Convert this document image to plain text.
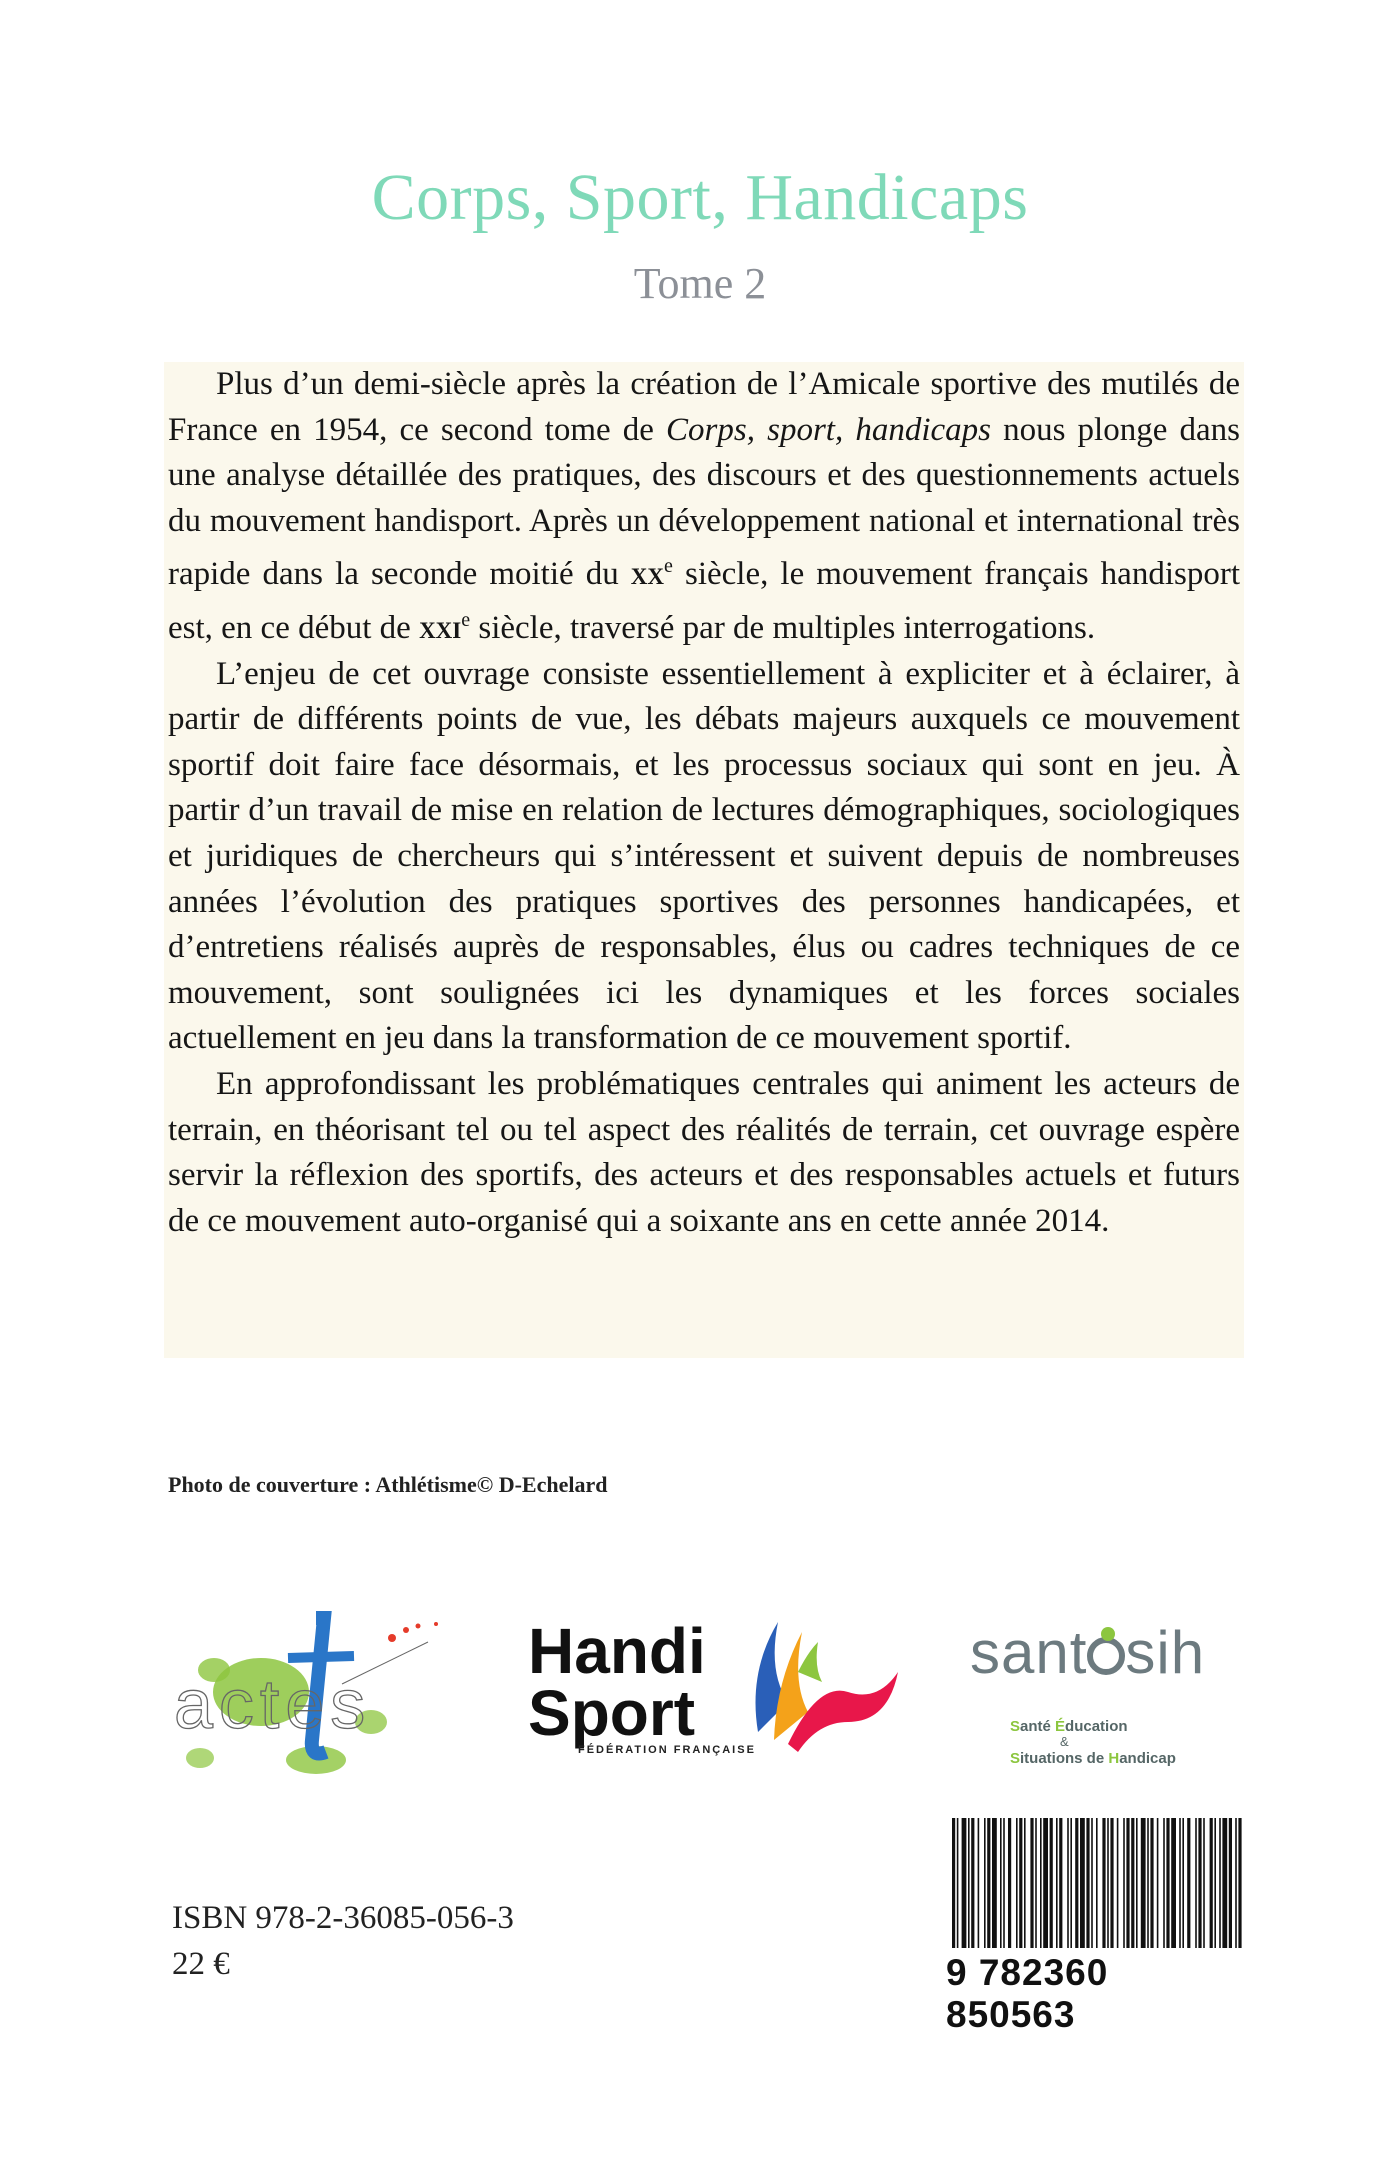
Corps, Sport, Handicaps
Tome 2

Plus d’un demi-siècle après la création de l’Amicale sportive des mutilés de France en 1954, ce second tome de Corps, sport, handicaps nous plonge dans une analyse détaillée des pratiques, des discours et des questionnements actuels du mouvement handisport. Après un développement national et international très rapide dans la seconde moitié du $xx^e$ siècle, le mouvement français handisport est, en ce début de xxi$^e$ siècle, traversé par de multiples interrogations.

L’enjeu de cet ouvrage consiste essentiellement à expliciter et à éclairer, à partir de différents points de vue, les débats majeurs auxquels ce mouvement sportif doit faire face désormais, et les processus sociaux qui sont en jeu. À partir d’un travail de mise en relation de lectures démographiques, sociologiques et juridiques de chercheurs qui s’intéressent et suivent depuis de nombreuses années l’évolution des pratiques sportives des personnes handicapées, et d’entretiens réalisés auprès de responsables, élus ou cadres techniques de ce mouvement, sont soulignées ici les dynamiques et les forces sociales actuellement en jeu dans la transformation de ce mouvement sportif.

En approfondissant les problématiques centrales qui animent les acteurs de terrain, en théorisant tel ou tel aspect des réalités de terrain, cet ouvrage espère servir la réflexion des sportifs, des acteurs et des responsables actuels et futurs de ce mouvement auto-organisé qui a soixante ans en cette année 2014.

Photo de couverture : Athlétisme© D-Echelard
actes
Handi
Sport
FÉDÉRATION FRANÇAISE
sant sih
Santé Éducation
&
Situations de Handicap
9 782360 850563
ISBN 978-2-36085-056-3
22 €
